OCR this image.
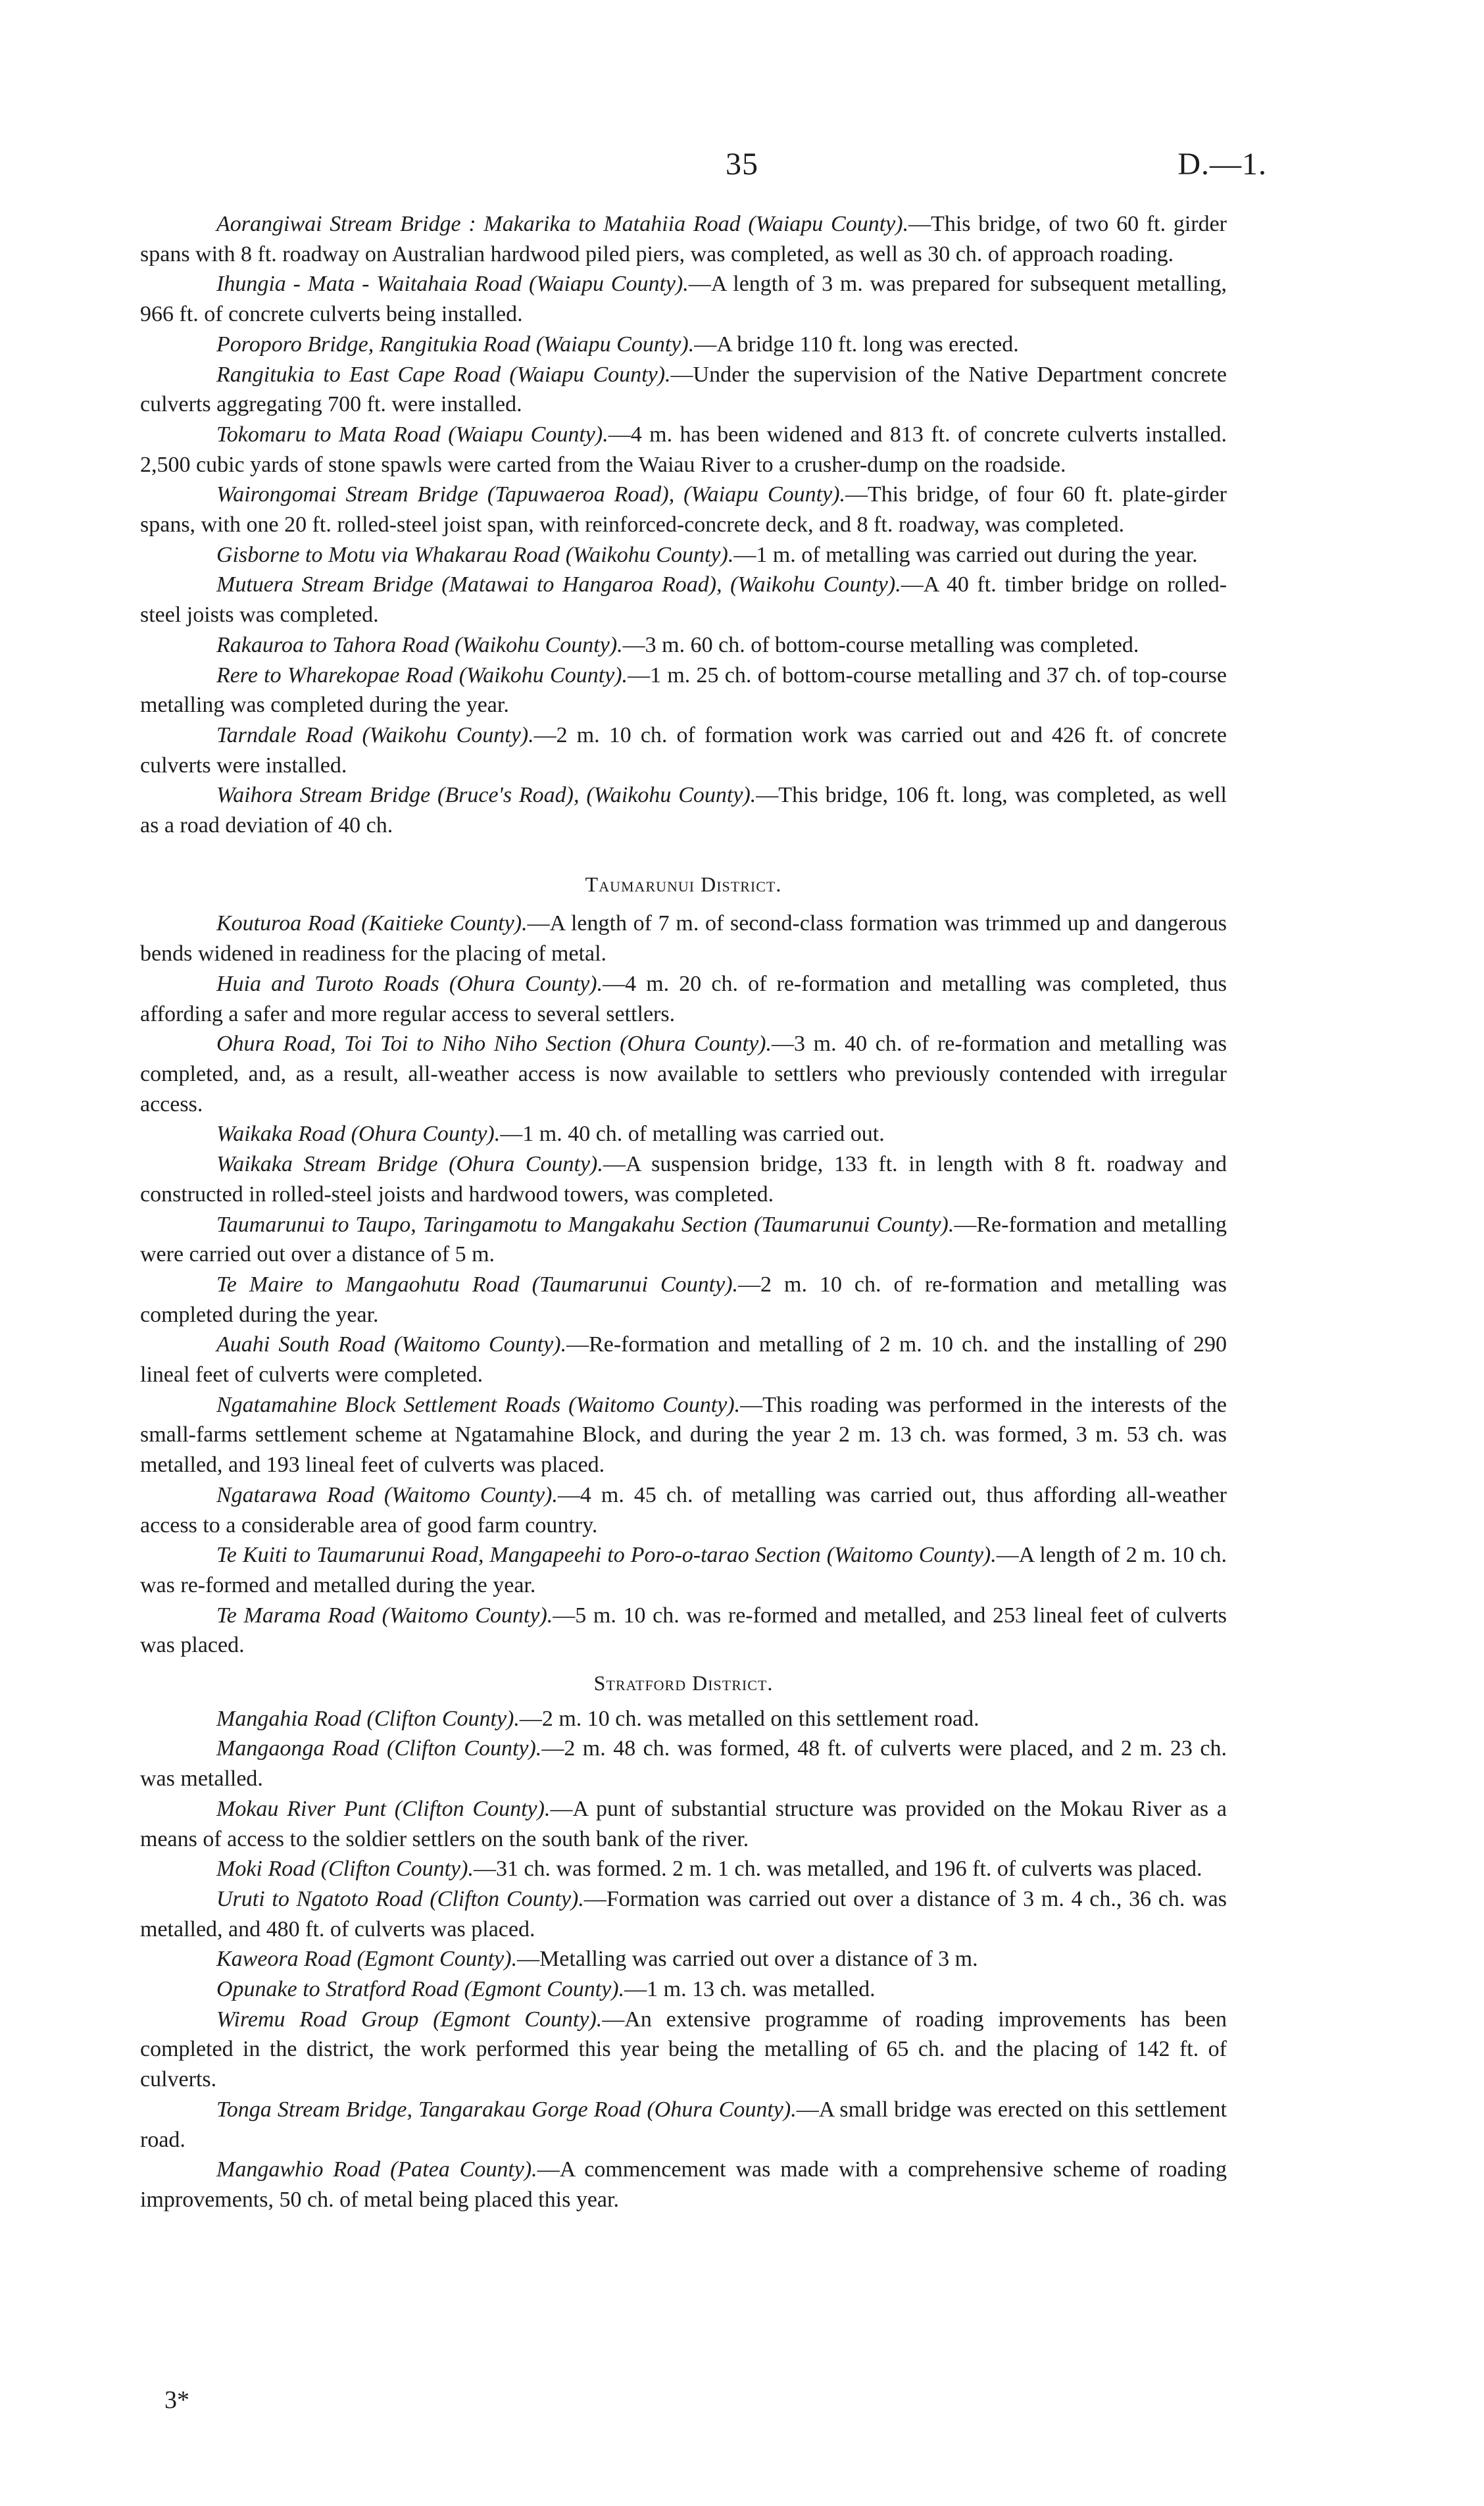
35	D.—1.

Aorangiwai Stream Bridge : Makarika to Matahiia Road (Waiapu County).—This bridge, of two 60 ft. girder spans with 8 ft. roadway on Australian hardwood piled piers, was completed, as well as 30 ch. of approach roading.

Ihungia - Mata - Waitahaia Road (Waiapu County).—A length of 3 m. was prepared for subsequent metalling, 966 ft. of concrete culverts being installed.

Poroporo Bridge, Rangitukia Road (Waiapu County).—A bridge 110 ft. long was erected.

Rangitukia to East Cape Road (Waiapu County).—Under the supervision of the Native Department concrete culverts aggregating 700 ft. were installed.

Tokomaru to Mata Road (Waiapu County).—4 m. has been widened and 813 ft. of concrete culverts installed. 2,500 cubic yards of stone spawls were carted from the Waiau River to a crusher-dump on the roadside.

Wairongomai Stream Bridge (Tapuwaeroa Road), (Waiapu County).—This bridge, of four 60 ft. plate-girder spans, with one 20 ft. rolled-steel joist span, with reinforced-concrete deck, and 8 ft. roadway, was completed.

Gisborne to Motu via Whakarau Road (Waikohu County).—1 m. of metalling was carried out during the year.

Mutuera Stream Bridge (Matawai to Hangaroa Road), (Waikohu County).—A 40 ft. timber bridge on rolled-steel joists was completed.

Rakauroa to Tahora Road (Waikohu County).—3 m. 60 ch. of bottom-course metalling was completed.

Rere to Wharekopae Road (Waikohu County).—1 m. 25 ch. of bottom-course metalling and 37 ch. of top-course metalling was completed during the year.

Tarndale Road (Waikohu County).—2 m. 10 ch. of formation work was carried out and 426 ft. of concrete culverts were installed.

Waihora Stream Bridge (Bruce's Road), (Waikohu County).—This bridge, 106 ft. long, was completed, as well as a road deviation of 40 ch.

Taumarunui District.

Kouturoa Road (Kaitieke County).—A length of 7 m. of second-class formation was trimmed up and dangerous bends widened in readiness for the placing of metal.

Huia and Turoto Roads (Ohura County).—4 m. 20 ch. of re-formation and metalling was completed, thus affording a safer and more regular access to several settlers.

Ohura Road, Toi Toi to Niho Niho Section (Ohura County).—3 m. 40 ch. of re-formation and metalling was completed, and, as a result, all-weather access is now available to settlers who previously contended with irregular access.

Waikaka Road (Ohura County).—1 m. 40 ch. of metalling was carried out.

Waikaka Stream Bridge (Ohura County).—A suspension bridge, 133 ft. in length with 8 ft. roadway and constructed in rolled-steel joists and hardwood towers, was completed.

Taumarunui to Taupo, Taringamotu to Mangakahu Section (Taumarunui County).—Re-formation and metalling were carried out over a distance of 5 m.

Te Maire to Mangaohutu Road (Taumarunui County).—2 m. 10 ch. of re-formation and metalling was completed during the year.

Auahi South Road (Waitomo County).—Re-formation and metalling of 2 m. 10 ch. and the installing of 290 lineal feet of culverts were completed.

Ngatamahine Block Settlement Roads (Waitomo County).—This roading was performed in the interests of the small-farms settlement scheme at Ngatamahine Block, and during the year 2 m. 13 ch. was formed, 3 m. 53 ch. was metalled, and 193 lineal feet of culverts was placed.

Ngatarawa Road (Waitomo County).—4 m. 45 ch. of metalling was carried out, thus affording all-weather access to a considerable area of good farm country.

Te Kuiti to Taumarunui Road, Mangapeehi to Poro-o-tarao Section (Waitomo County).—A length of 2 m. 10 ch. was re-formed and metalled during the year.

Te Marama Road (Waitomo County).—5 m. 10 ch. was re-formed and metalled, and 253 lineal feet of culverts was placed.

Stratford District.

Mangahia Road (Clifton County).—2 m. 10 ch. was metalled on this settlement road.

Mangaonga Road (Clifton County).—2 m. 48 ch. was formed, 48 ft. of culverts were placed, and 2 m. 23 ch. was metalled.

Mokau River Punt (Clifton County).—A punt of substantial structure was provided on the Mokau River as a means of access to the soldier settlers on the south bank of the river.

Moki Road (Clifton County).—31 ch. was formed. 2 m. 1 ch. was metalled, and 196 ft. of culverts was placed.

Uruti to Ngatoto Road (Clifton County).—Formation was carried out over a distance of 3 m. 4 ch., 36 ch. was metalled, and 480 ft. of culverts was placed.

Kaweora Road (Egmont County).—Metalling was carried out over a distance of 3 m.

Opunake to Stratford Road (Egmont County).—1 m. 13 ch. was metalled.

Wiremu Road Group (Egmont County).—An extensive programme of roading improvements has been completed in the district, the work performed this year being the metalling of 65 ch. and the placing of 142 ft. of culverts.

Tonga Stream Bridge, Tangarakau Gorge Road (Ohura County).—A small bridge was erected on this settlement road.

Mangawhio Road (Patea County).—A commencement was made with a comprehensive scheme of roading improvements, 50 ch. of metal being placed this year.

3*
